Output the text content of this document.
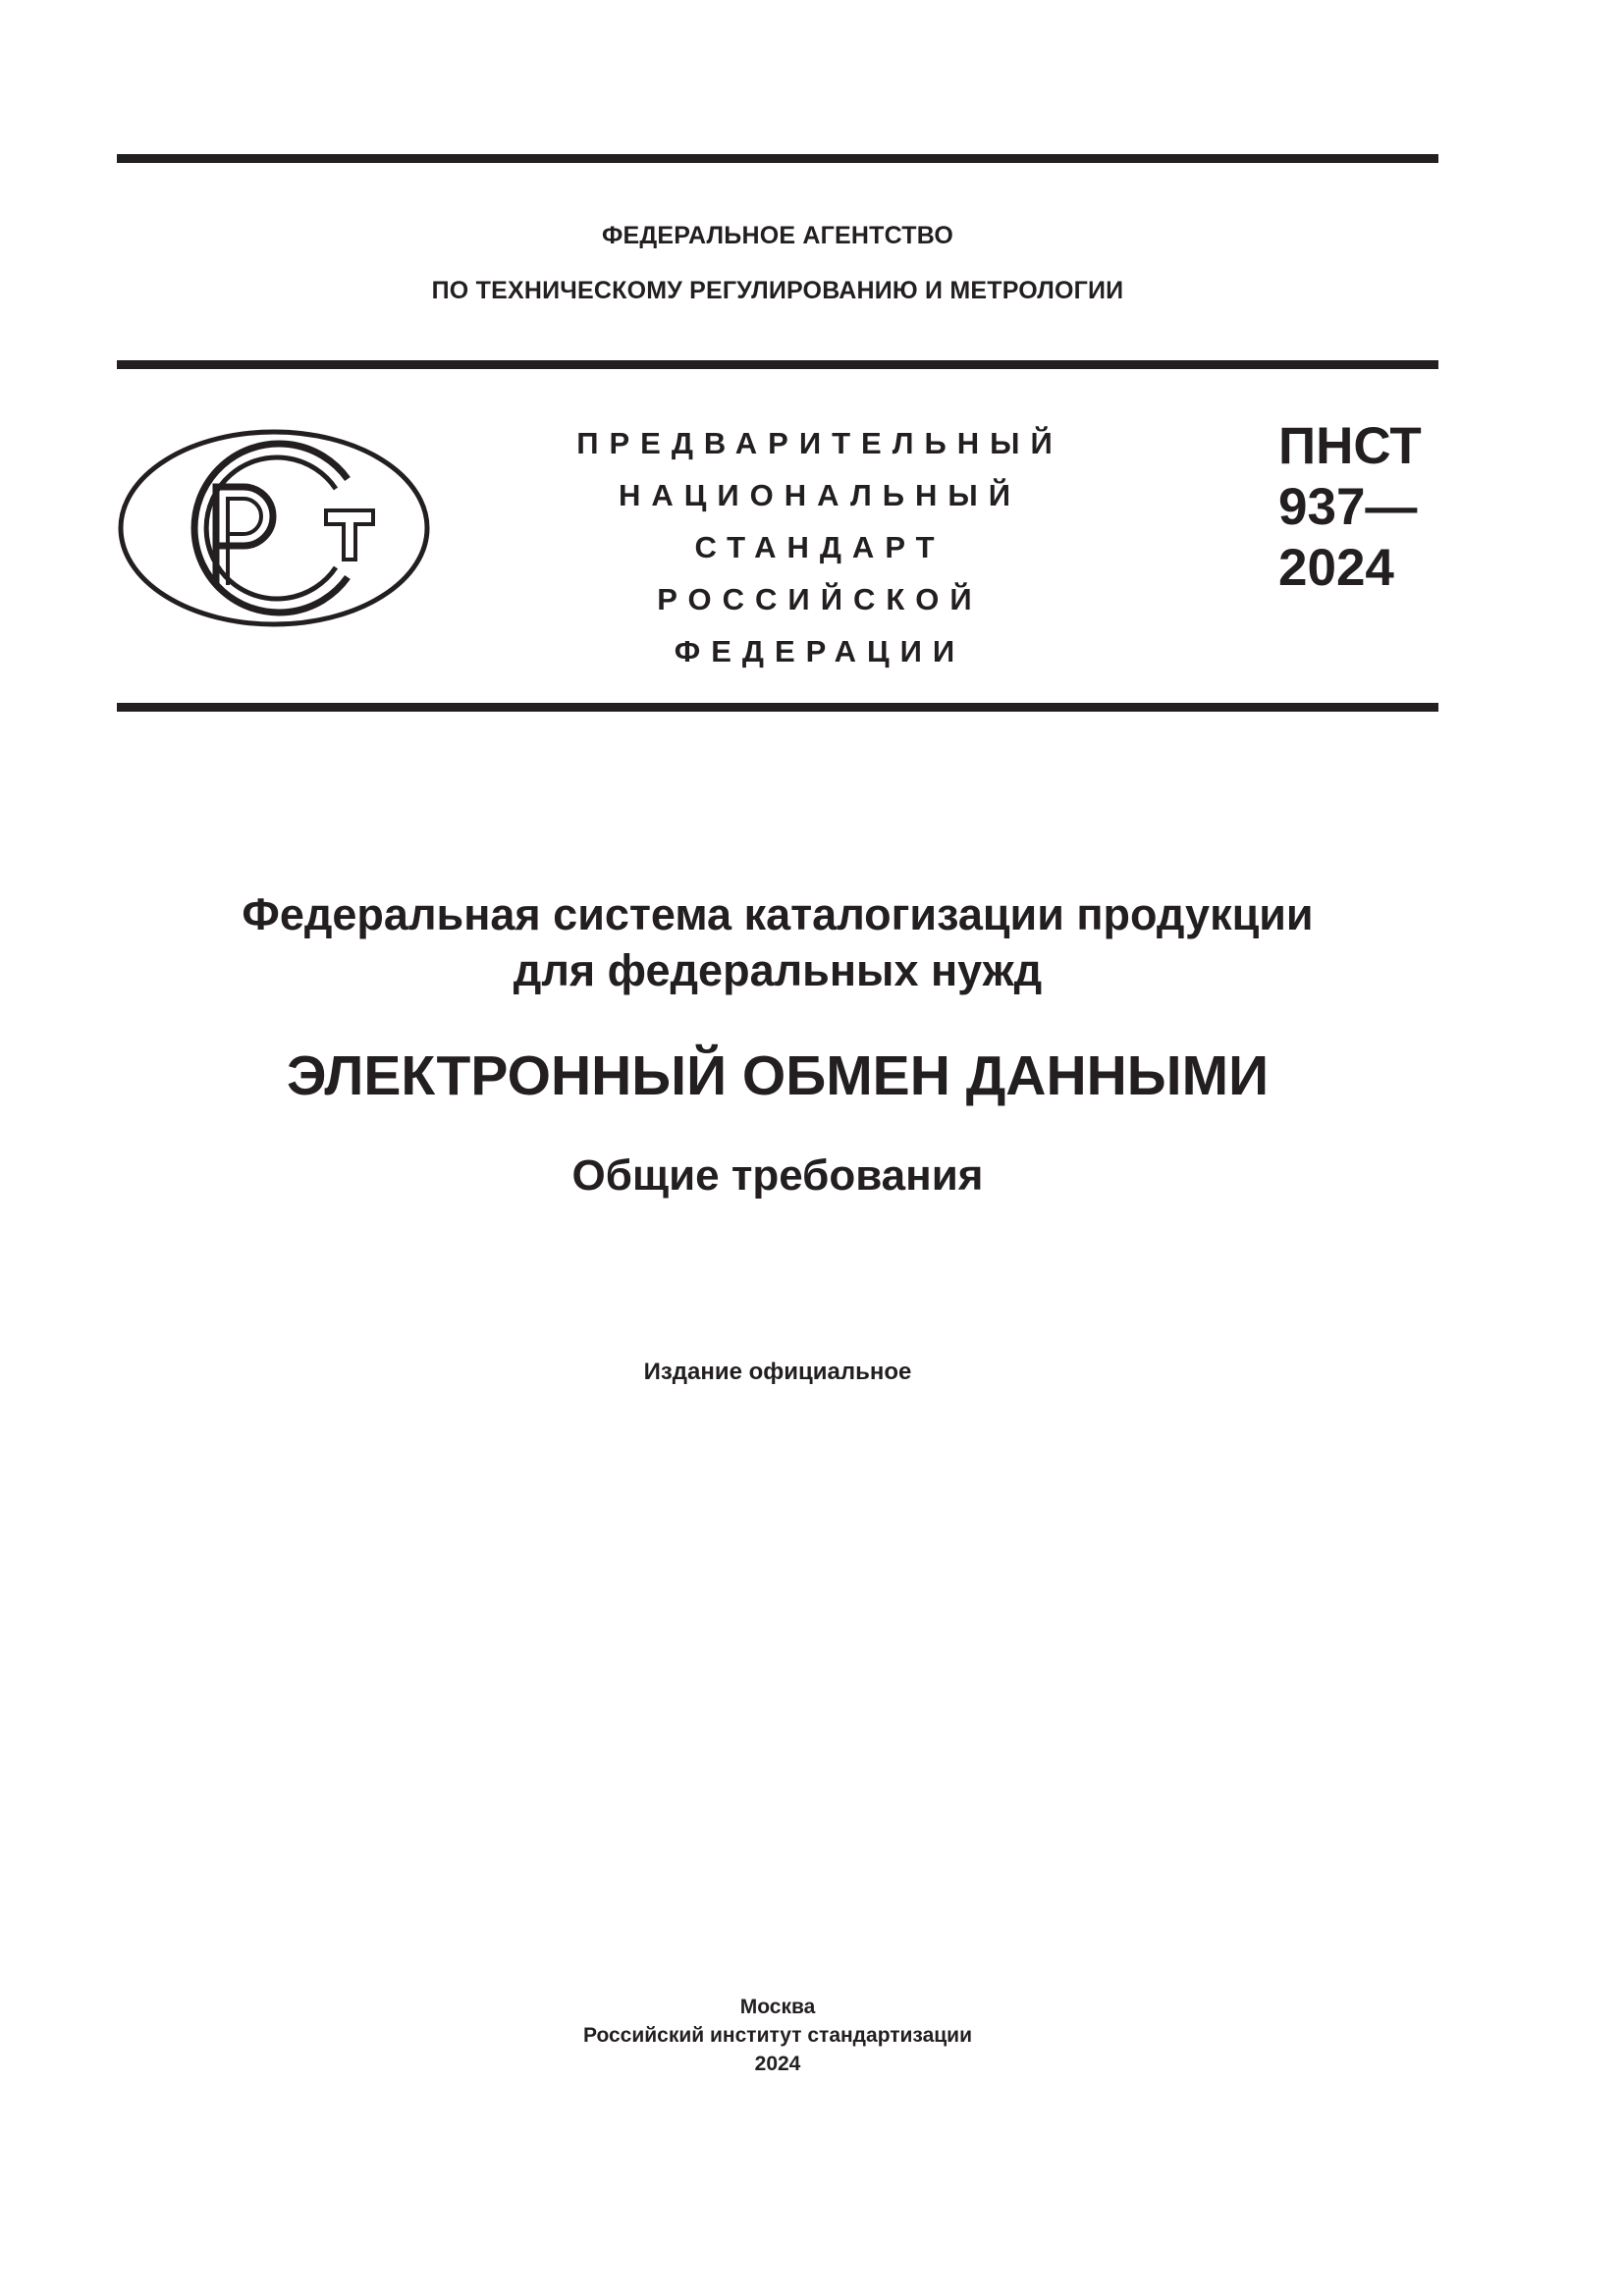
ФЕДЕРАЛЬНОЕ АГЕНТСТВО
ПО ТЕХНИЧЕСКОМУ РЕГУЛИРОВАНИЮ И МЕТРОЛОГИИ
ПРЕДВАРИТЕЛЬНЫЙ
НАЦИОНАЛЬНЫЙ
СТАНДАРТ
РОССИЙСКОЙ
ФЕДЕРАЦИИ
ПНСТ
937—
2024
Федеральная система каталогизации продукции
для федеральных нужд
ЭЛЕКТРОННЫЙ ОБМЕН ДАННЫМИ
Общие требования
Издание официальное
Москва
Российский институт стандартизации
2024
